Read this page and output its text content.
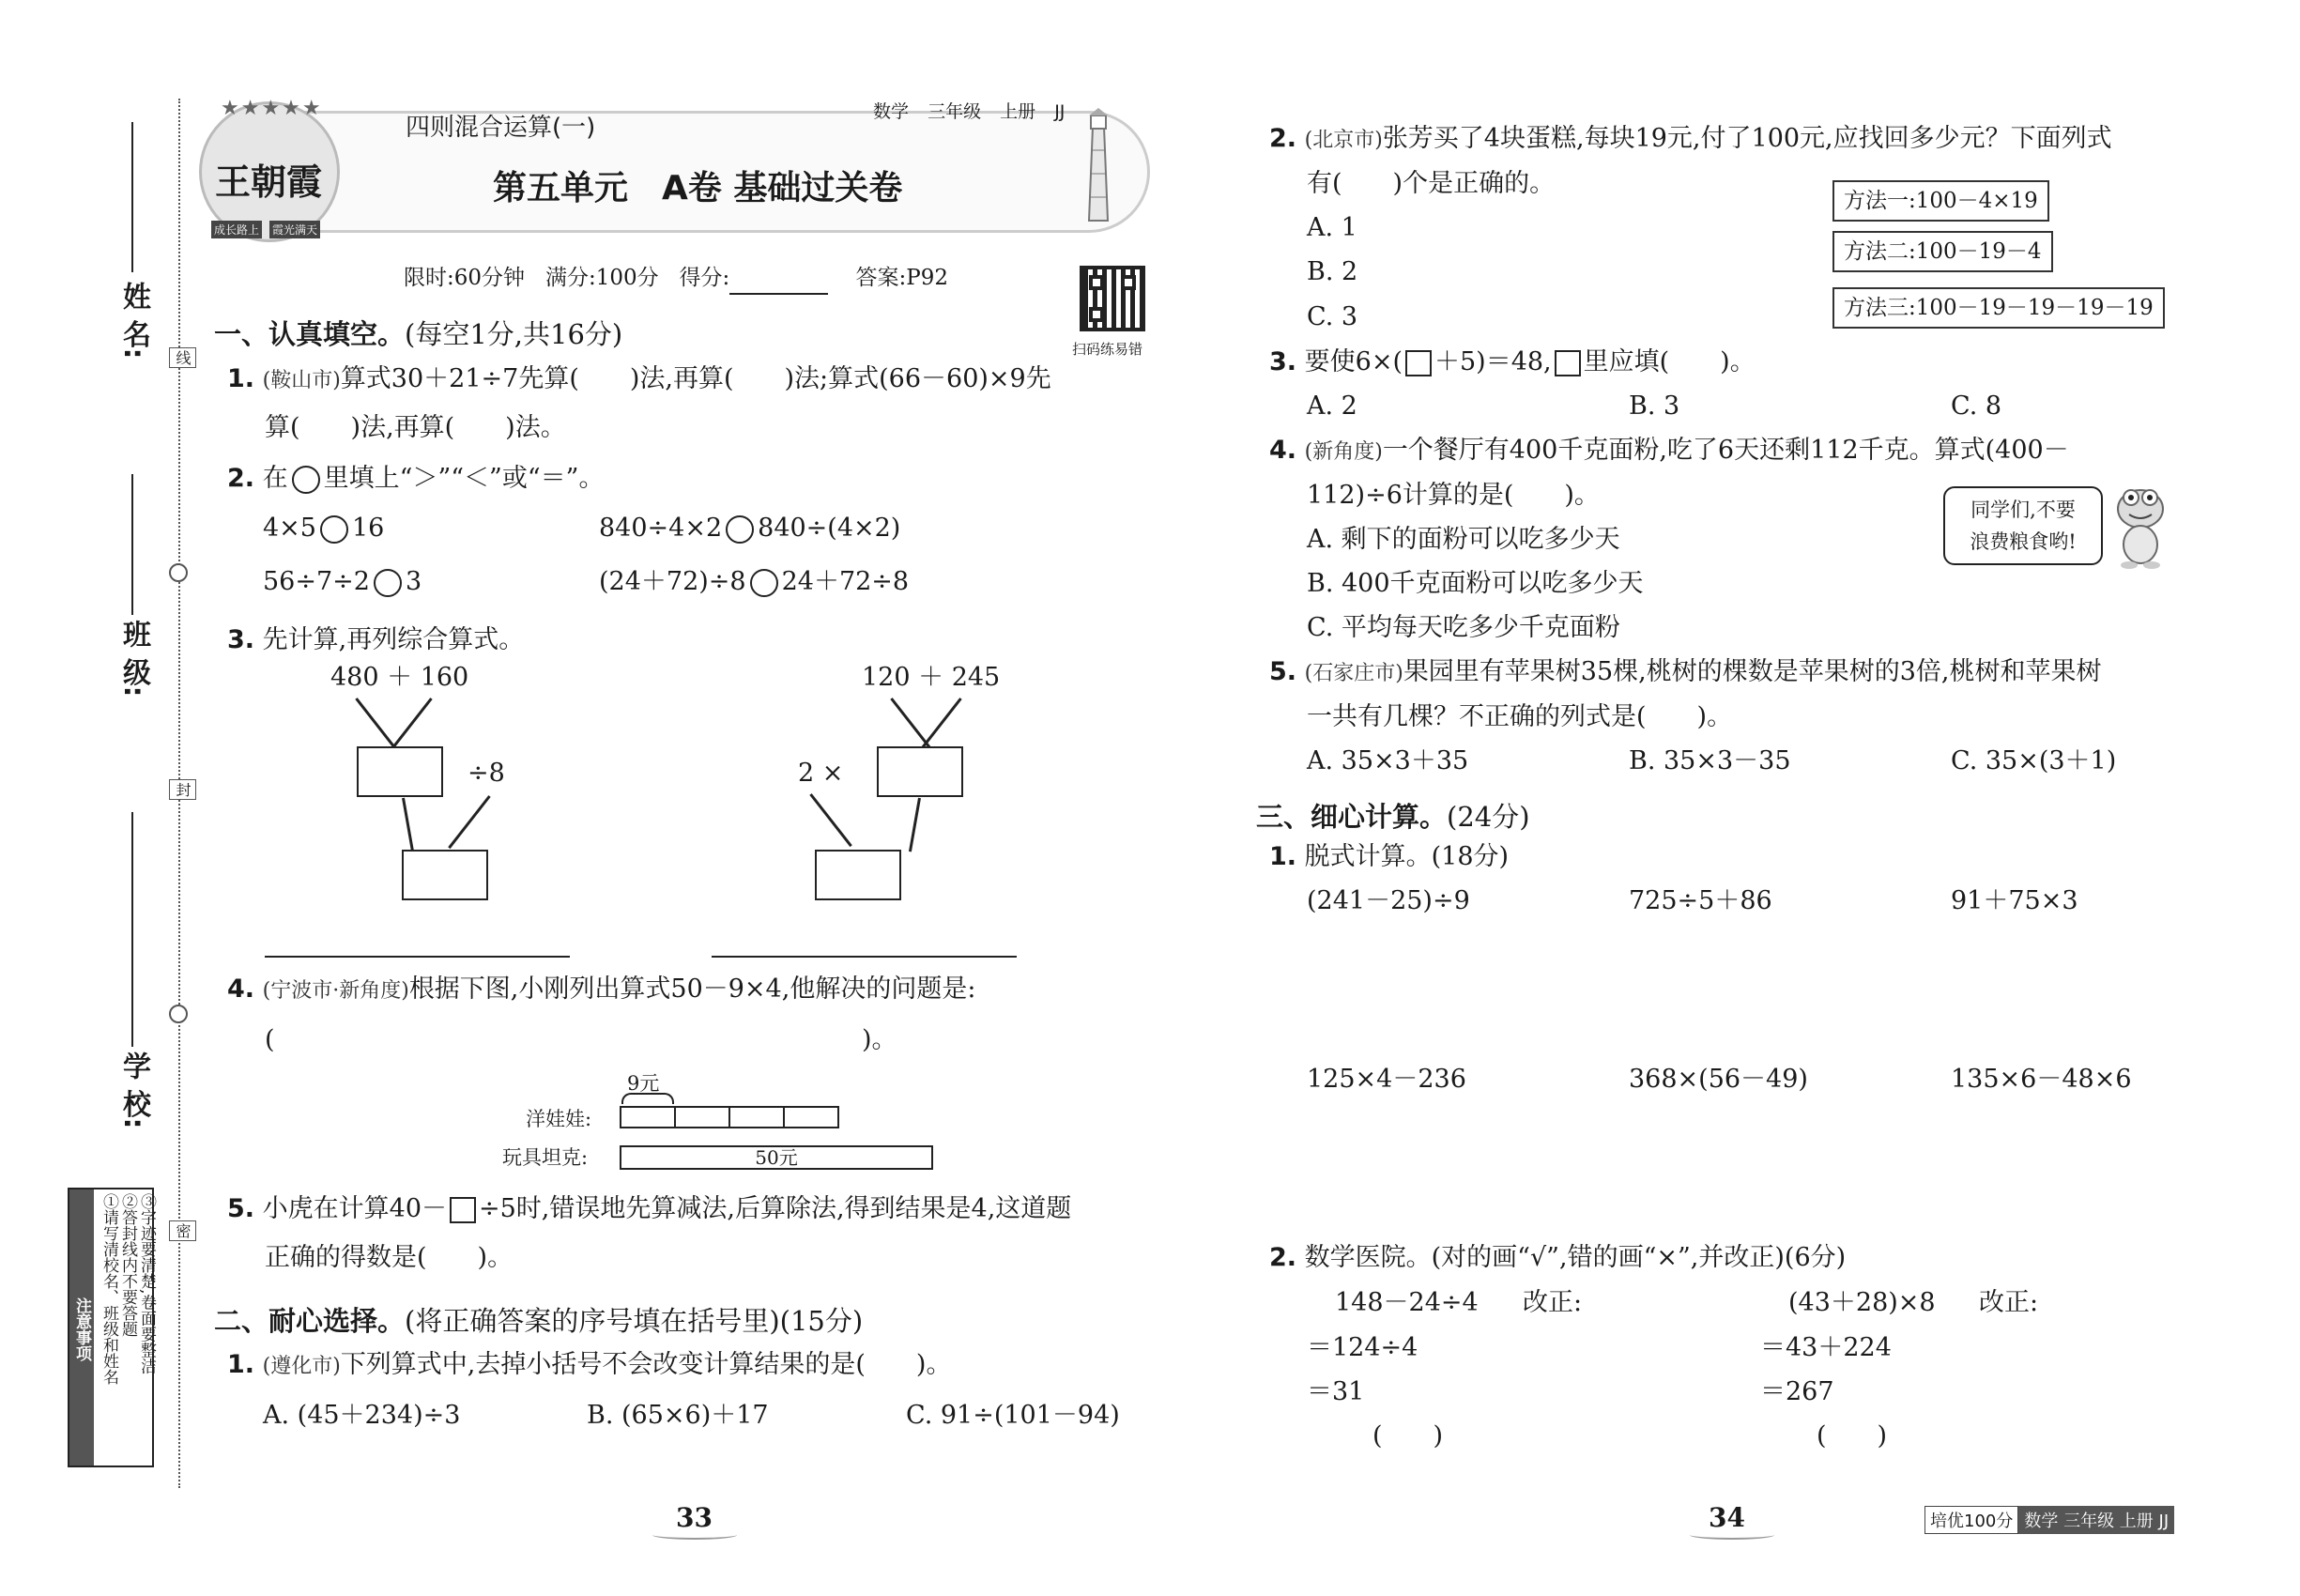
姓 名:
班 级:
学 校:
线
封
密
注意事项 ①请写清校名、班级和姓名 ②答封线内不要答题 ③字迹要清楚,卷面要整洁
★★★★★
王朝霞
成长路上 霞光满天
四则混合运算(一)
数学 三年级 上册 JJ
第五单元　A卷 基础过关卷
限时:60分钟 满分:100分 得分:	答案:P92
扫码练易错
一、认真填空。(每空1分,共16分)
1. (鞍山市)算式30＋21÷7先算(　　)法,再算(　　)法;算式(66－60)×9先
算(　　)法,再算(　　)法。
2. 在 里填上“＞”“＜”或“＝”。
4×5 16	840÷4×2 840÷(4×2)
56÷7÷2 3	(24＋72)÷8 24＋72÷8
3. 先计算,再列综合算式。
480 ＋ 160
÷8
120 ＋ 245
2 ×
4. (宁波市·新角度)根据下图,小刚列出算式50－9×4,他解决的问题是:
(	)。
9元
洋娃娃:
玩具坦克:	50元
5. 小虎在计算40－ ÷5时,错误地先算减法,后算除法,得到结果是4,这道题
正确的得数是(　　)。
二、耐心选择。(将正确答案的序号填在括号里)(15分)
1. (遵化市)下列算式中,去掉小括号不会改变计算结果的是(　　)。
A. (45＋234)÷3	B. (65×6)＋17	C. 91÷(101－94)
33
2. (北京市)张芳买了4块蛋糕,每块19元,付了100元,应找回多少元？下面列式
有(　　)个是正确的。
A. 1
B. 2
C. 3
方法一:100－4×19
方法二:100－19－4
方法三:100－19－19－19－19
3. 要使6×( ＋5)＝48, 里应填(　　)。
A. 2	B. 3	C. 8
4. (新角度)一个餐厅有400千克面粉,吃了6天还剩112千克。算式(400－
112)÷6计算的是(　　)。
A. 剩下的面粉可以吃多少天
B. 400千克面粉可以吃多少天
C. 平均每天吃多少千克面粉
同学们,不要
浪费粮食哟!
5. (石家庄市)果园里有苹果树35棵,桃树的棵数是苹果树的3倍,桃树和苹果树
一共有几棵？不正确的列式是(　　)。
A. 35×3＋35	B. 35×3－35	C. 35×(3＋1)
三、细心计算。(24分)
1. 脱式计算。(18分)
(241－25)÷9	725÷5＋86	91＋75×3
125×4－236	368×(56－49)	135×6－48×6
2. 数学医院。(对的画“√”,错的画“×”,并改正)(6分)
148－24÷4 改正:
＝124÷4
＝31
(　　)
(43＋28)×8 改正:
＝43＋224
＝267
(　　)
34	培优100分 数学 三年级 上册 JJ
